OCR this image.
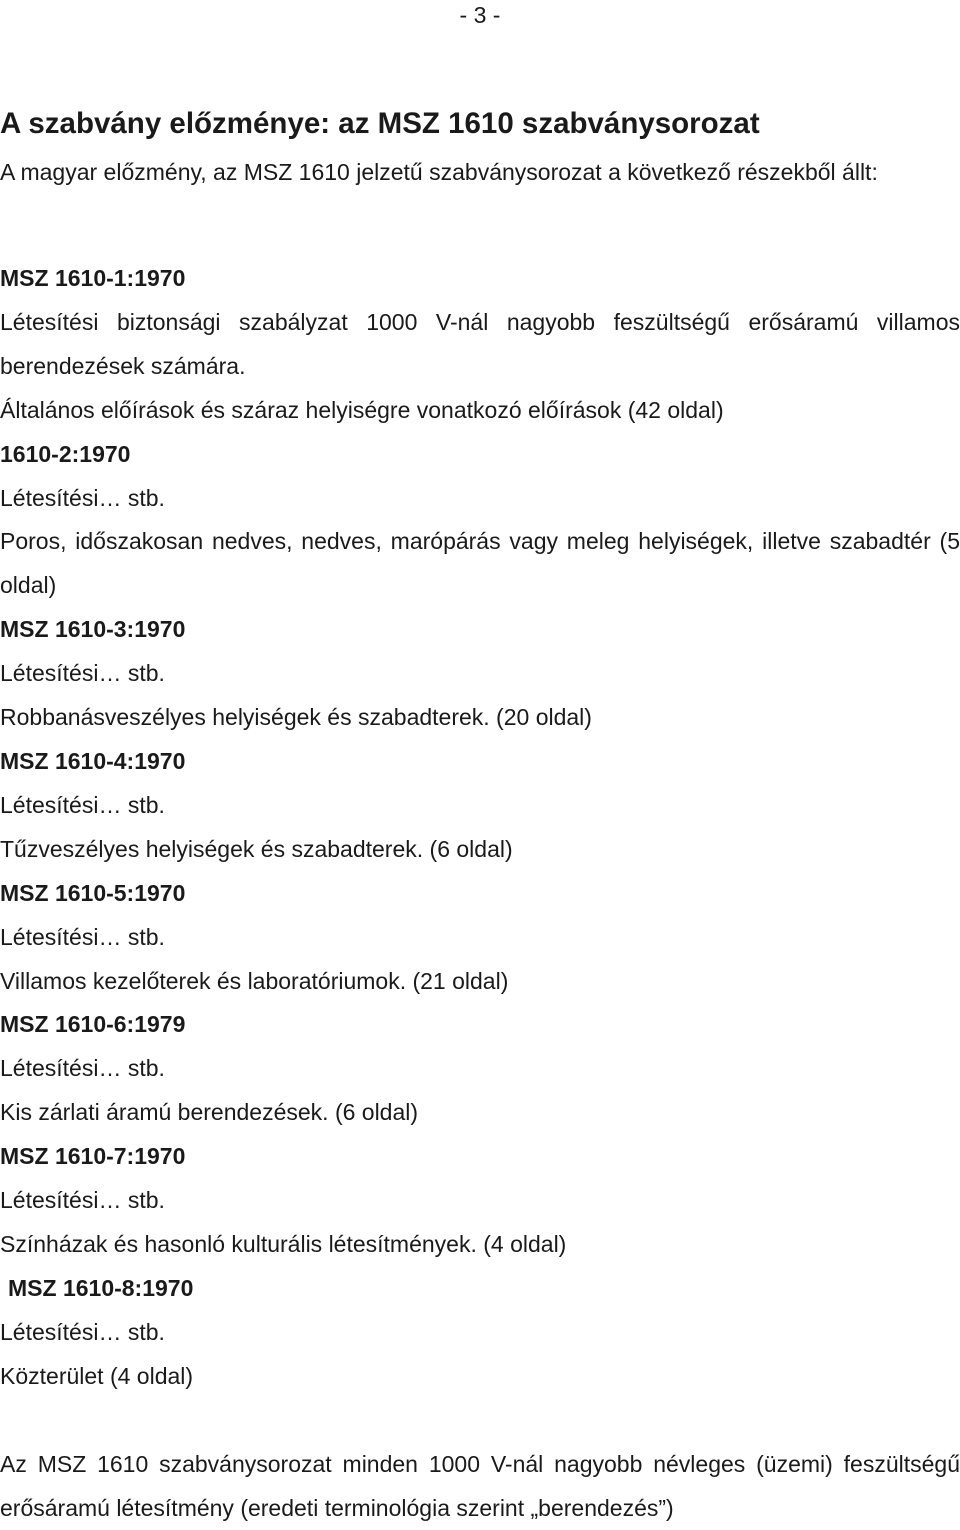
- 3 -
A szabvány előzménye: az MSZ 1610 szabványsorozat

A magyar előzmény, az MSZ 1610 jelzetű szabványsorozat a következő részekből állt:

MSZ 1610-1:1970
Létesítési biztonsági szabályzat 1000 V-nál nagyobb feszültségű erősáramú villamos berendezések számára.
Általános előírások és száraz helyiségre vonatkozó előírások (42 oldal)
1610-2:1970
Létesítési… stb.
Poros, időszakosan nedves, nedves, marópárás vagy meleg helyiségek, illetve szabadtér (5 oldal)
MSZ 1610-3:1970
Létesítési… stb.
Robbanásveszélyes helyiségek és szabadterek. (20 oldal)
MSZ 1610-4:1970
Létesítési… stb.
Tűzveszélyes helyiségek és szabadterek. (6 oldal)
MSZ 1610-5:1970
Létesítési… stb.
Villamos kezelőterek és laboratóriumok. (21 oldal)
MSZ 1610-6:1979
Létesítési… stb.
Kis zárlati áramú berendezések. (6 oldal)
MSZ 1610-7:1970
Létesítési… stb.
Színházak és hasonló kulturális létesítmények. (4 oldal)
MSZ 1610-8:1970
Létesítési… stb.
Közterület (4 oldal)

Az MSZ 1610 szabványsorozat minden 1000 V-nál nagyobb névleges (üzemi) feszültségű erősáramú létesítmény (eredeti terminológia szerint „berendezés”)
